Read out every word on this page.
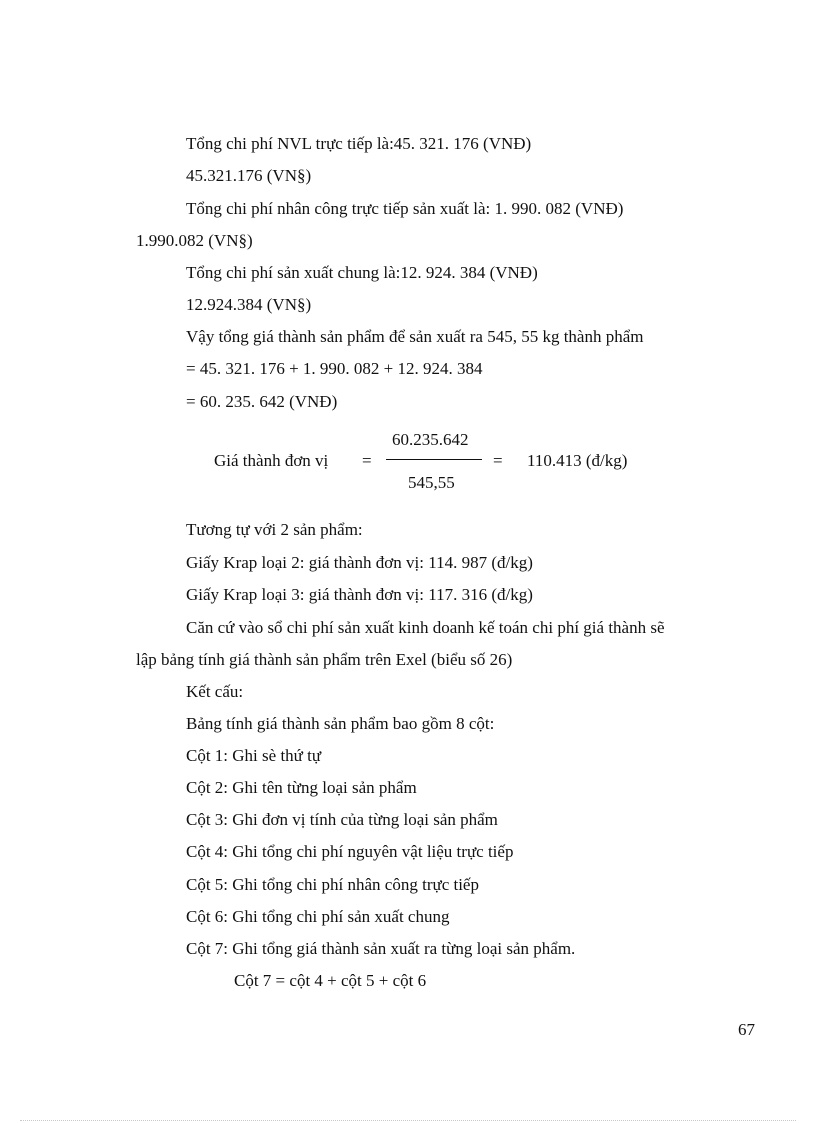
Tổng chi phí NVL trực tiếp là:45. 321. 176 (VNĐ)
45.321.176 (VN§)
Tổng chi phí nhân công trực tiếp sản xuất là: 1. 990. 082 (VNĐ)
1.990.082 (VN§)
Tổng chi phí sản xuất chung là:12. 924. 384 (VNĐ)
12.924.384 (VN§)
Vậy tổng giá thành sản phẩm để sản xuất ra 545, 55 kg thành phẩm
= 45. 321. 176 + 1. 990. 082 + 12. 924. 384
= 60. 235. 642 (VNĐ)
Giá thành đơn vị =
60.235.642
545,55
= 110.413 (đ/kg)
Tương tự với 2 sản phẩm:
Giấy Krap loại 2: giá thành đơn vị: 114. 987 (đ/kg)
Giấy Krap loại 3: giá thành đơn vị: 117. 316 (đ/kg)
Căn cứ vào sổ chi phí sản xuất kinh doanh kế toán chi phí giá thành sẽ
lập bảng tính giá thành sản phẩm trên Exel (biểu số 26)
Kết cấu:
Bảng tính giá thành sản phẩm bao gồm 8 cột:
Cột 1: Ghi sè thứ tự
Cột 2: Ghi tên từng loại sản phẩm
Cột 3: Ghi đơn vị tính của từng loại sản phẩm
Cột 4: Ghi tổng chi phí nguyên vật liệu trực tiếp
Cột 5: Ghi tổng chi phí nhân công trực tiếp
Cột 6: Ghi tổng chi phí sản xuất chung
Cột 7: Ghi tổng giá thành sản xuất ra từng loại sản phẩm.
Cột 7 = cột 4 + cột 5 + cột 6
67
